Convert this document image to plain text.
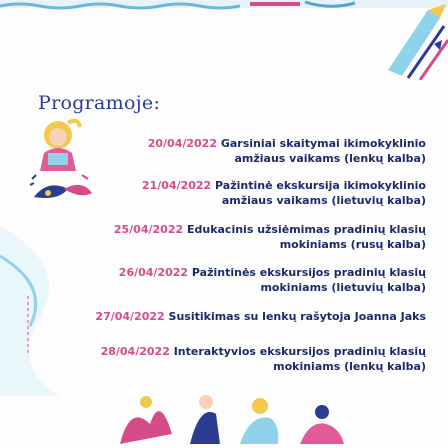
Programoje:
20/04/2022 Garsiniai skaitymai ikimokyklinio
amžiaus vaikams (lenkų kalba)
21/04/2022 Pažintinė ekskursija ikimokyklinio
amžiaus vaikams (lietuvių kalba)
25/04/2022 Edukacinis užsiėmimas pradinių klasių
mokiniams (rusų kalba)
26/04/2022 Pažintinės ekskursijos pradinių klasių
mokiniams (lietuvių kalba)
27/04/2022 Susitikimas su lenkų rašytoja Joanna Jaks
28/04/2022 Interaktyvios ekskursijos pradinių klasių
mokiniams (lenkų kalba)
